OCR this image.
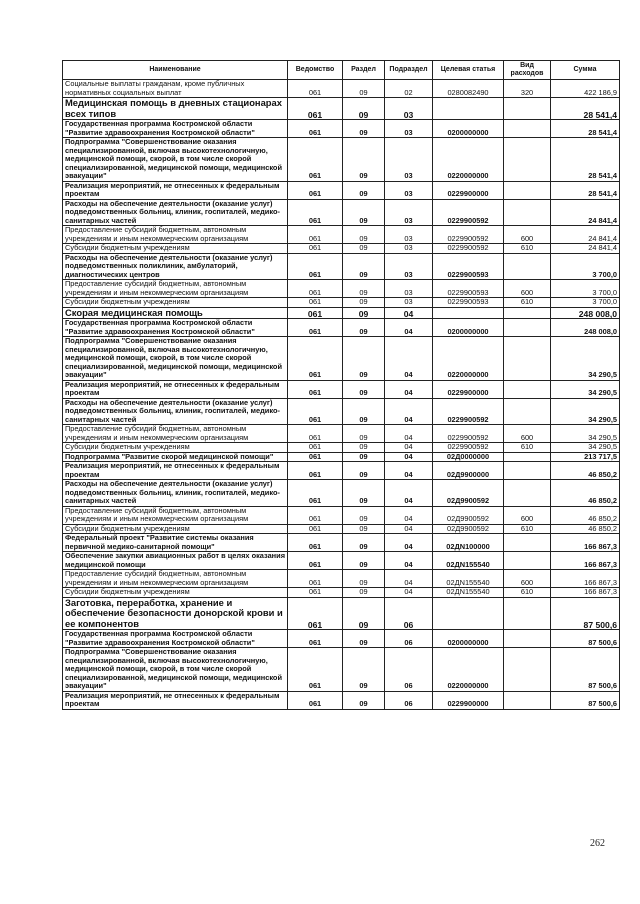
Наименование	Ведомство	Раздел	Подраздел	Целевая статья	Вид расходов	Сумма
Социальные выплаты гражданам, кроме публичных нормативных социальных выплат	061	09	02	0280082490	320	422 186,9
Медицинская помощь в дневных стационарах всех типов	061	09	03			28 541,4
Государственная программа Костромской области "Развитие здравоохранения Костромской области"	061	09	03	0200000000		28 541,4
Подпрограмма "Совершенствование оказания специализированной, включая высокотехнологичную, медицинской помощи, скорой, в том числе скорой специализированной, медицинской помощи, медицинской эвакуации"	061	09	03	0220000000		28 541,4
Реализация мероприятий, не отнесенных к федеральным проектам	061	09	03	0229900000		28 541,4
Расходы на обеспечение деятельности (оказание услуг) подведомственных больниц, клиник, госпиталей, медико-санитарных частей	061	09	03	0229900592		24 841,4
Предоставление субсидий бюджетным, автономным учреждениям и иным некоммерческим организациям	061	09	03	0229900592	600	24 841,4
Субсидии бюджетным учреждениям	061	09	03	0229900592	610	24 841,4
Расходы на обеспечение деятельности (оказание услуг) подведомственных поликлиник, амбулаторий, диагностических центров	061	09	03	0229900593		3 700,0
Предоставление субсидий бюджетным, автономным учреждениям и иным некоммерческим организациям	061	09	03	0229900593	600	3 700,0
Субсидии бюджетным учреждениям	061	09	03	0229900593	610	3 700,0
Скорая медицинская помощь	061	09	04			248 008,0
Государственная программа Костромской области "Развитие здравоохранения Костромской области"	061	09	04	0200000000		248 008,0
Подпрограмма "Совершенствование оказания специализированной, включая высокотехнологичную, медицинской помощи, скорой, в том числе скорой специализированной, медицинской помощи, медицинской эвакуации"	061	09	04	0220000000		34 290,5
Реализация мероприятий, не отнесенных к федеральным проектам	061	09	04	0229900000		34 290,5
Расходы на обеспечение деятельности (оказание услуг) подведомственных больниц, клиник, госпиталей, медико-санитарных частей	061	09	04	0229900592		34 290,5
Предоставление субсидий бюджетным, автономным учреждениям и иным некоммерческим организациям	061	09	04	0229900592	600	34 290,5
Субсидии бюджетным учреждениям	061	09	04	0229900592	610	34 290,5
Подпрограмма "Развитие скорой медицинской помощи"	061	09	04	02Д0000000		213 717,5
Реализация мероприятий, не отнесенных к федеральным проектам	061	09	04	02Д9900000		46 850,2
Расходы на обеспечение деятельности (оказание услуг) подведомственных больниц, клиник, госпиталей, медико-санитарных частей	061	09	04	02Д9900592		46 850,2
Предоставление субсидий бюджетным, автономным учреждениям и иным некоммерческим организациям	061	09	04	02Д9900592	600	46 850,2
Субсидии бюджетным учреждениям	061	09	04	02Д9900592	610	46 850,2
Федеральный проект "Развитие системы оказания первичной медико-санитарной помощи"	061	09	04	02ДN100000		166 867,3
Обеспечение закупки авиационных работ в целях оказания медицинской помощи	061	09	04	02ДN155540		166 867,3
Предоставление субсидий бюджетным, автономным учреждениям и иным некоммерческим организациям	061	09	04	02ДN155540	600	166 867,3
Субсидии бюджетным учреждениям	061	09	04	02ДN155540	610	166 867,3
Заготовка, переработка, хранение и обеспечение безопасности донорской крови и ее компонентов	061	09	06			87 500,6
Государственная программа Костромской области "Развитие здравоохранения Костромской области"	061	09	06	0200000000		87 500,6
Подпрограмма "Совершенствование оказания специализированной, включая высокотехнологичную, медицинской помощи, скорой, в том числе скорой специализированной, медицинской помощи, медицинской эвакуации"	061	09	06	0220000000		87 500,6
Реализация мероприятий, не отнесенных к федеральным проектам	061	09	06	0229900000		87 500,6
262
